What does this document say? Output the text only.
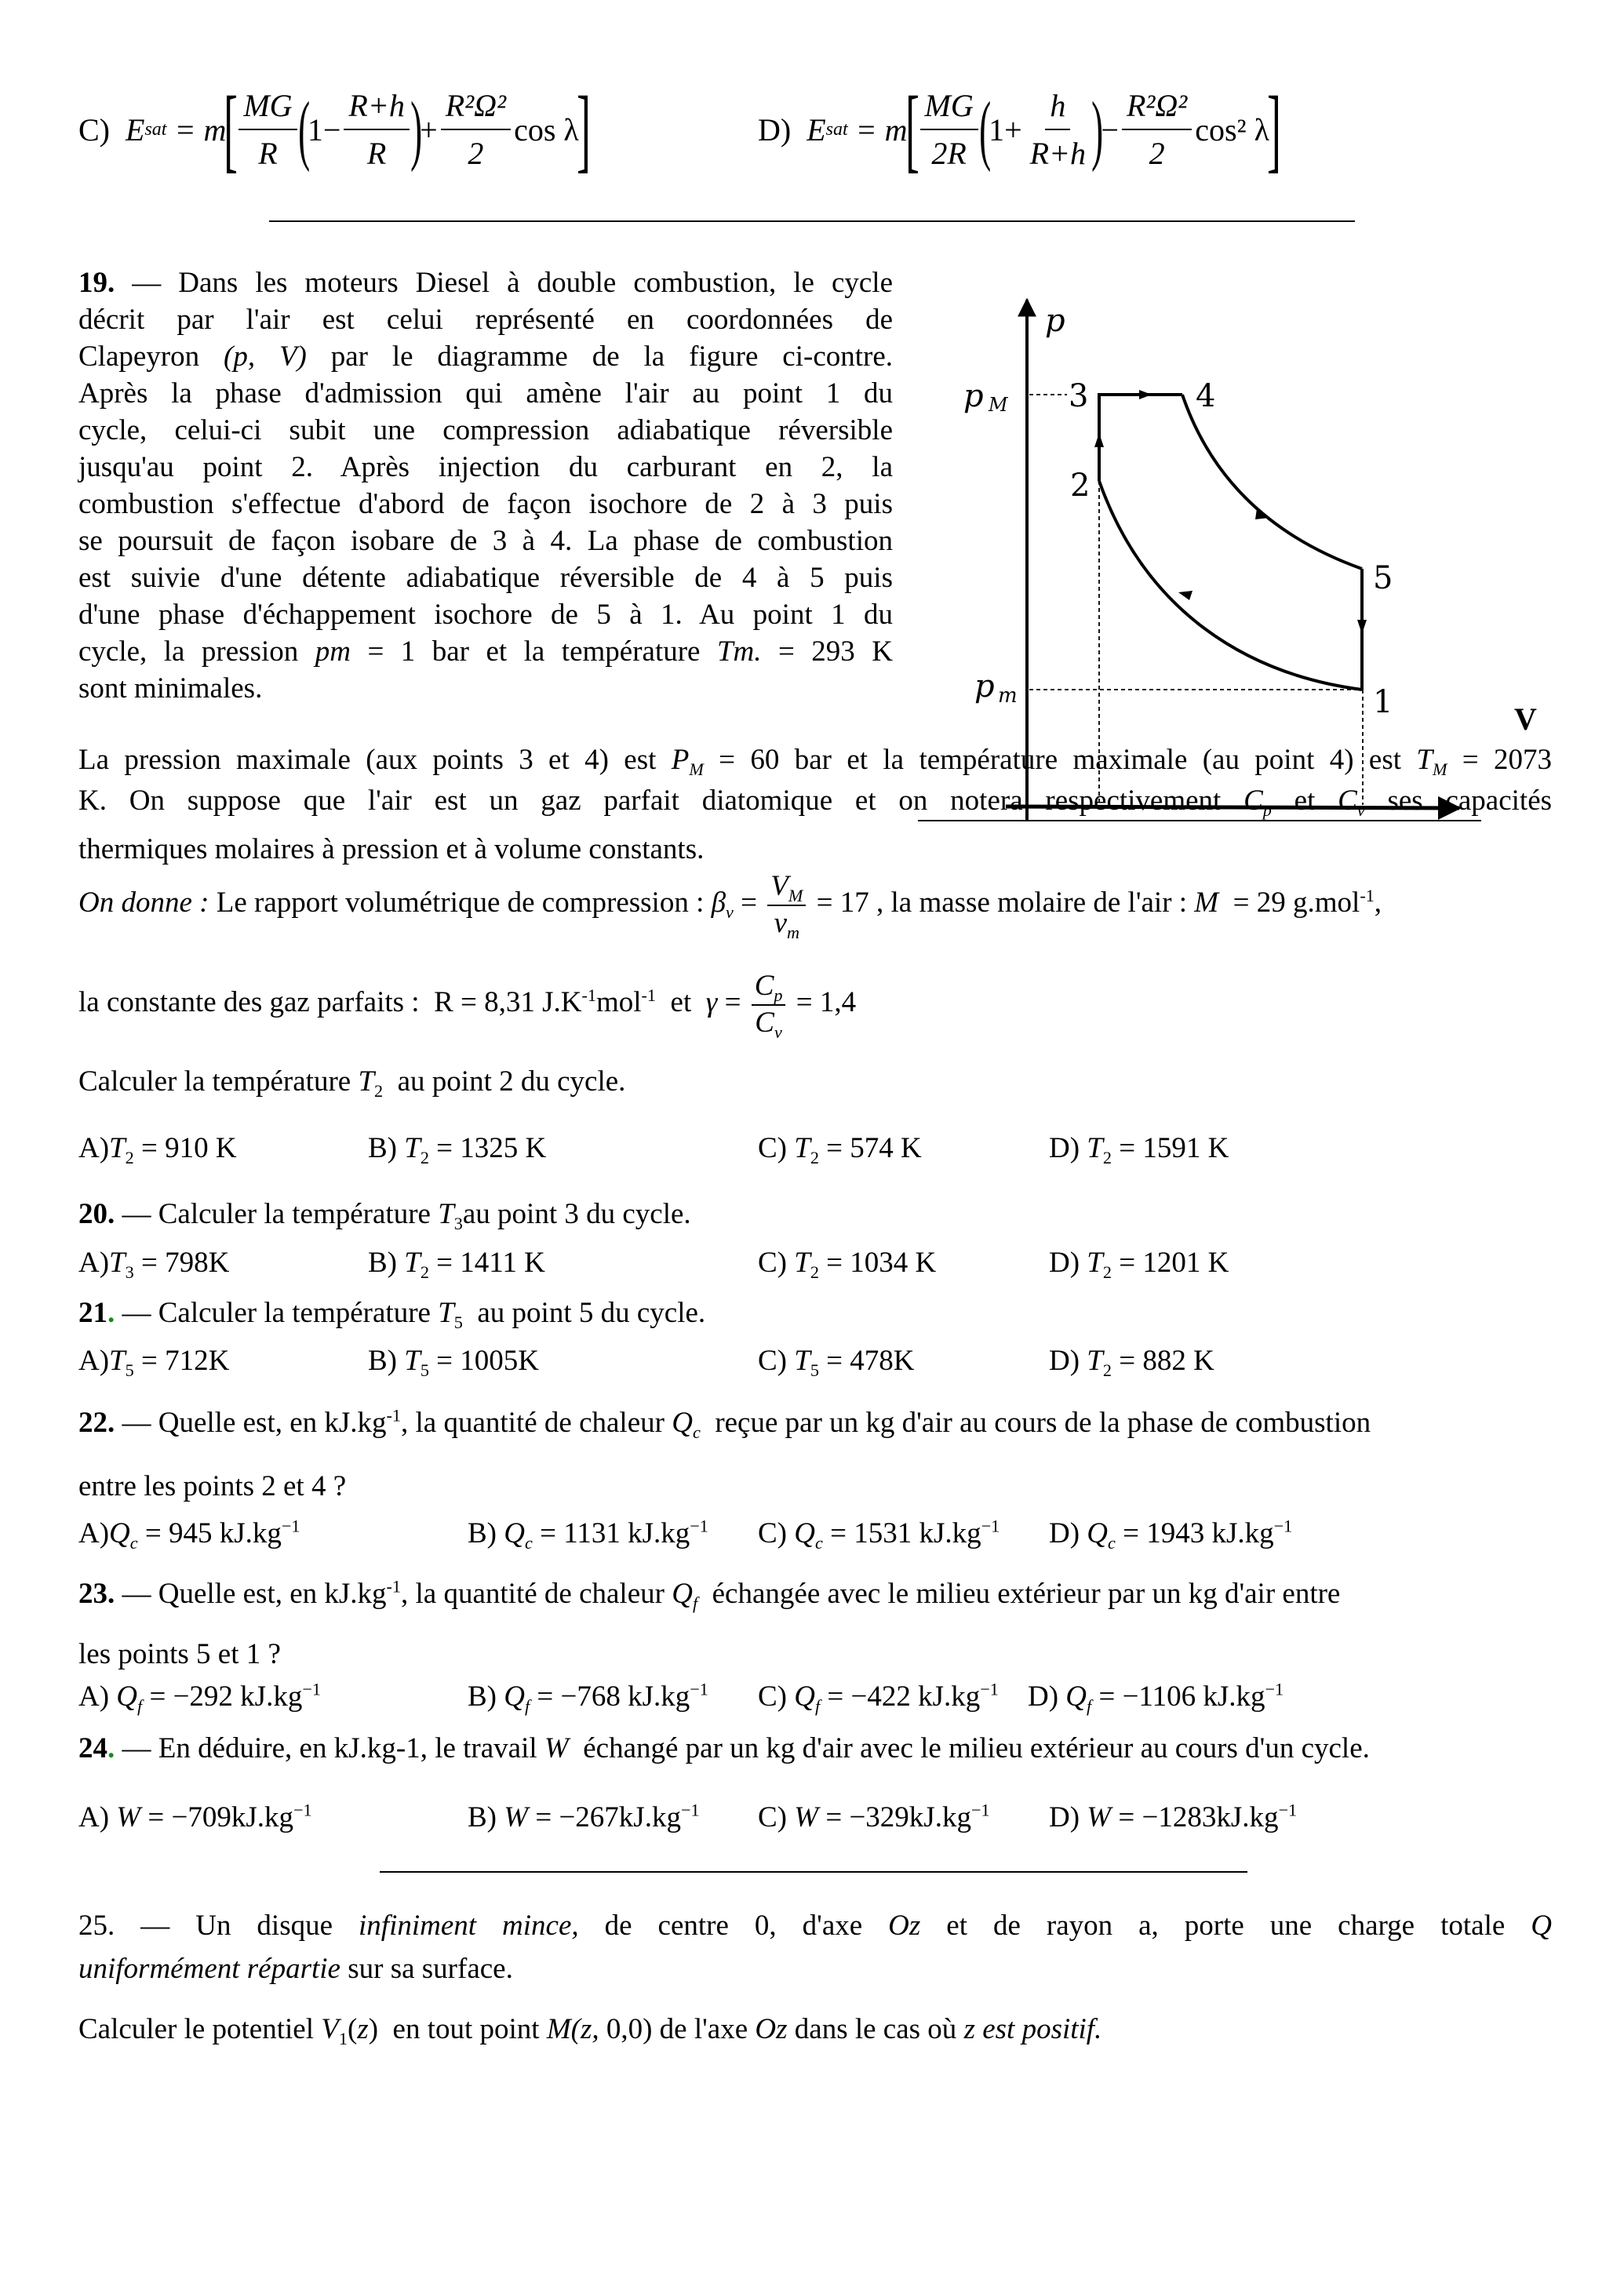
C)

E sat = m
[ $\frac{MG}{R}$ (
$1- \frac{R+h}{R}$ )
+ $\frac{\text{R²Ω²}}{2}$ cos λ
]	D)

E sat = m
[ $\frac{MG}{2R}$ (
$1+ \frac{h}{R+h}$ )
− $\frac{\text{R²Ω²}}{2} \cos^2$ λ
]
19. — Dans les moteurs Diesel à double combustion, le cycle
décrit par l'air est celui représenté en coordonnées de
Clapeyron (p, V) par le diagramme de la figure ci-contre.
Après la phase d'admission qui amène l'air au point 1 du
cycle, celui-ci subit une compression adiabatique réversible
jusqu'au point 2. Après injection du carburant en 2, la
combustion s'effectue d'abord de façon isochore de 2 à 3 puis
se poursuit de façon isobare de 3 à 4. La phase de combustion
est suivie d'une détente adiabatique réversible de 4 à 5 puis
d'une phase d'échappement isochore de 5 à 1. Au point 1 du
cycle, la pression pm = 1 bar et la température Tm. = 293 K
sont minimales.
p
p M
p m
3	4
2
5
1	V
La pression maximale (aux points 3 et 4) est $P_M = 60$ bar et la température maximale (au point 4) est $T_M = 2073$
K. On suppose que l'air est un gaz parfait diatomique et on notera respectivement $C_p$ et $C_v$ ses capacités
thermiques molaires à pression et à volume constants.
On donne : Le rapport volumétrique de compression : $\beta_v = \frac{V_M}{v_m} = 17$ , la masse molaire de l'air : M  = 29 g.mol$^{-1}$,
la constante des gaz parfaits :  R = 8,31 $J.K^{-1}mol^{-1}$  et  $\gamma = \frac{C_p}{C_v} = 1,4$
Calculer la température $T_2$  au point 2 du cycle.

$A)T_2 = 910$ K

	B) $T_2 = 1325$ K

	C) $T_2 = 574$ K

	D) $T_2 = 1591$ K

20. — Calculer la température $T_3au$ point 3 du cycle.

$A)T_3 = 798K$

	B) $T_2 = 1411$ K

	C) $T_2 = 1034$ K

	D) $T_2 = 1201$ K

21. — Calculer la température $T_5$  au point 5 du cycle.

$A)T_5 = 712K$

	B) $T_5 = 1005K$

	C) $T_5 = 478K$

	D) $T_2 = 882$ K

22. — Quelle est, en $kJ.kg^{-1}$, la quantité de chaleur $Q_c$  reçue par un kg d'air au cours de la phase de combustion
entre les points 2 et 4 ?

$A)Q_c = 945$ $kJ.kg^{-1}$

	B) $Q_c = 1131$ $kJ.kg^{-1}$

C) $Q_c = 1531$ $kJ.kg^{-1}$

D) $Q_c = 1943$ $kJ.kg^{-1}$

23. — Quelle est, en $kJ.kg^{-1}$, la quantité de chaleur $Q_f$  échangée avec le milieu extérieur par un kg d'air entre
les points 5 et 1 ?

A) $Q_f = -292$ $kJ.kg^{-1}$

	B) $Q_f = -768$ $kJ.kg^{-1}$

C) $Q_f = -422$ $kJ.kg^{-1}$

D) $Q_f = -1106$ $kJ.kg^{-1}$

24. — En déduire, en kJ.kg-1, le travail W  échangé par un kg d'air avec le milieu extérieur au cours d'un cycle.

A) $W = -709kJ.kg^{-1}$

	B) $W = -267kJ.kg^{-1}$

C) $W = -329kJ.kg^{-1}$

D) $W = -1283kJ.kg^{-1}$

25. — Un disque infiniment mince, de centre 0, d'axe Oz et de rayon a, porte une charge totale Q
uniformément répartie sur sa surface.
Calculer le potentiel $V_1(z)$  en tout point M(z, 0,0) de l'axe Oz dans le cas où z est positif.
